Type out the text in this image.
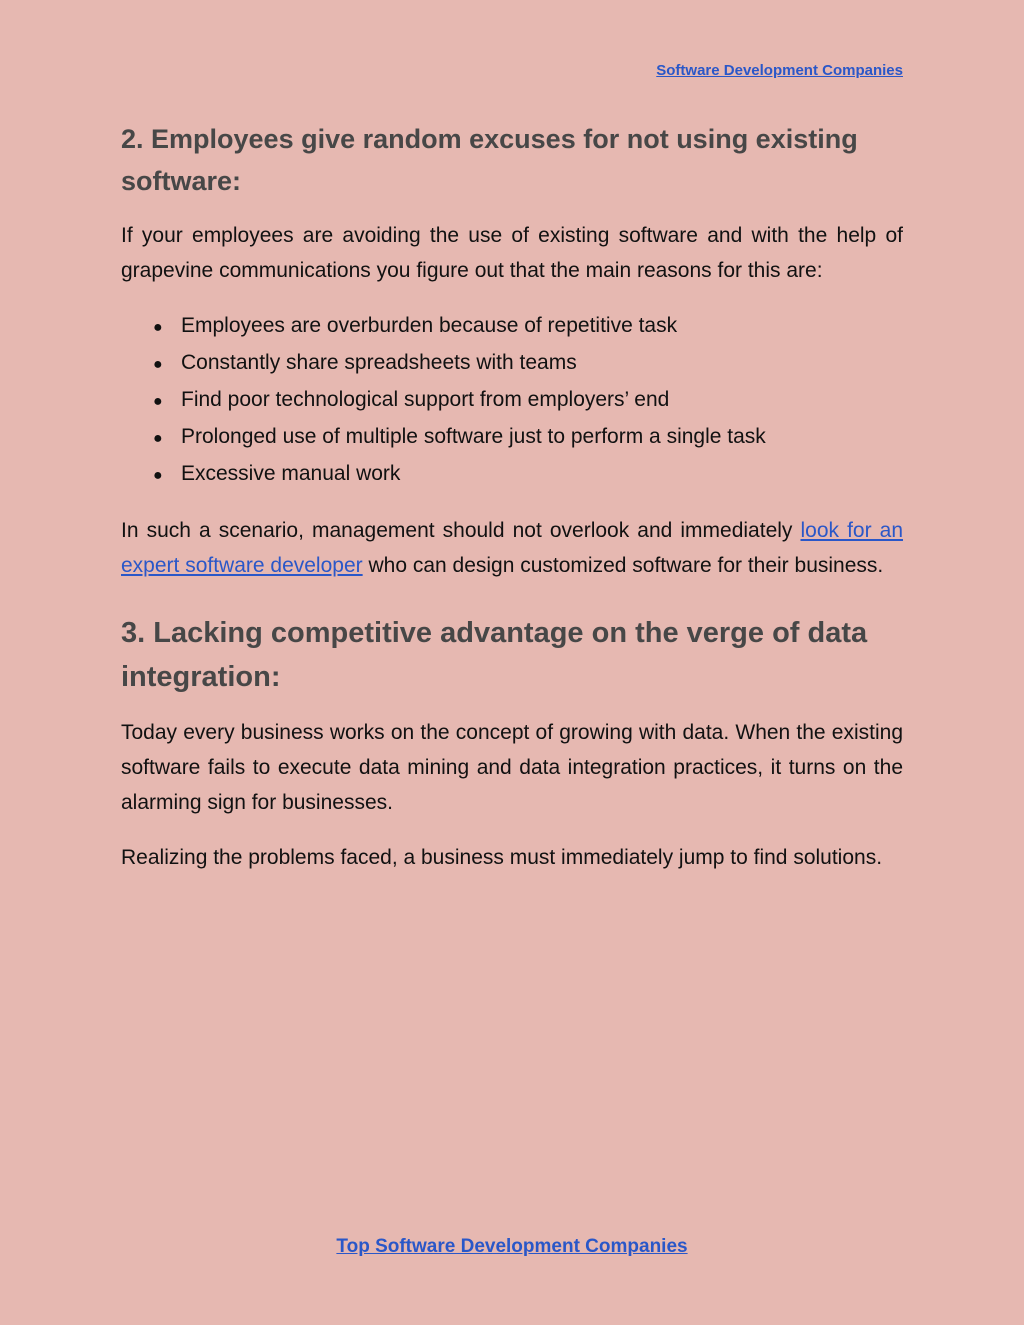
Software Development Companies
2. Employees give random excuses for not using existing software:

If your employees are avoiding the use of existing software and with the help of grapevine communications you figure out that the main reasons for this are:

● Employees are overburden because of repetitive task
● Constantly share spreadsheets with teams
● Find poor technological support from employers’ end
● Prolonged use of multiple software just to perform a single task
● Excessive manual work

In such a scenario, management should not overlook and immediately look for an expert software developer who can design customized software for their business.

3. Lacking competitive advantage on the verge of data integration:

Today every business works on the concept of growing with data. When the existing software fails to execute data mining and data integration practices, it turns on the alarming sign for businesses.

Realizing the problems faced, a business must immediately jump to find solutions.

Top Software Development Companies
